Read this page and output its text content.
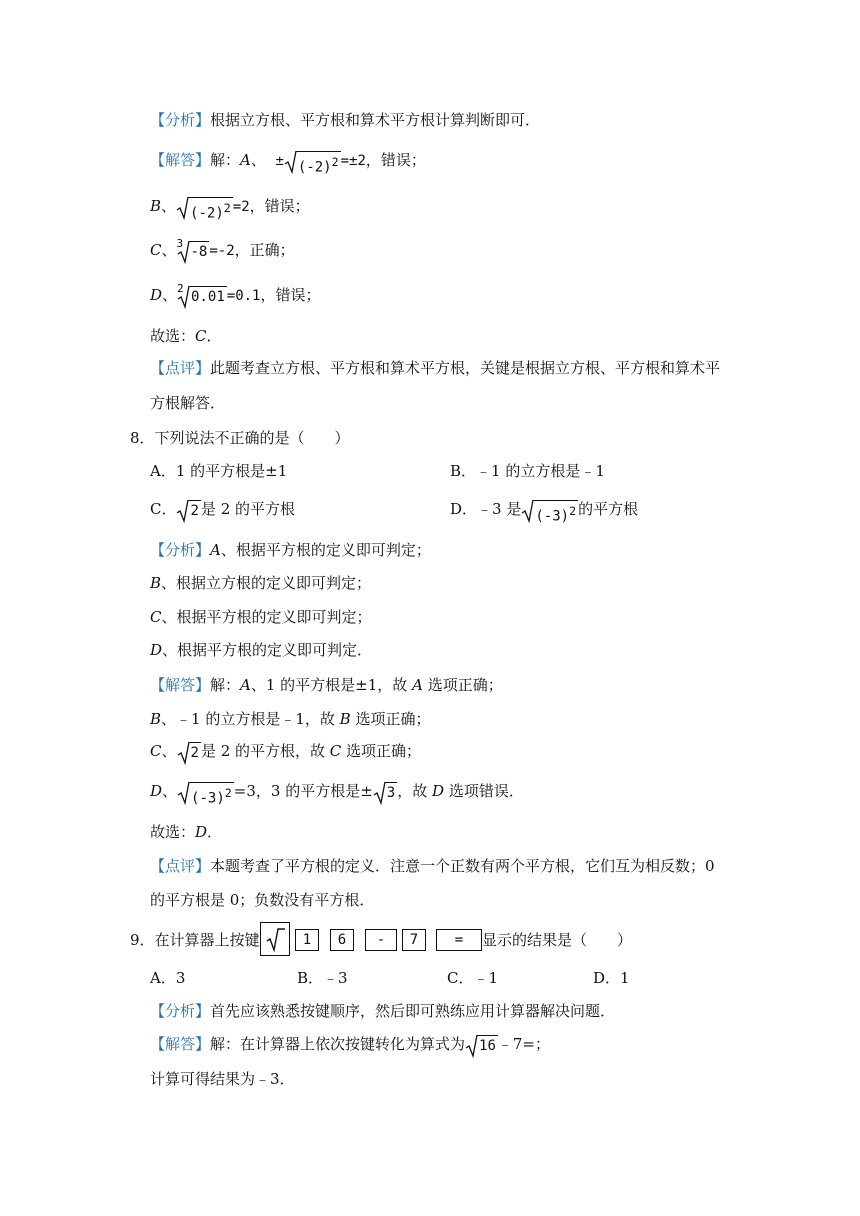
【分析】根据立方根、平方根和算术平方根计算判断即可．
【解答】解：A、 ± $(-2)^2 =\pm 2$，错误；
B、 $(-2)^2 =2$，错误；
C、 3
-8 =-2，正确；
D、 2
0.01 =0.1，错误；
故选：C．
【点评】此题考查立方根、平方根和算术平方根，关键是根据立方根、平方根和算术平
方根解答．
8．下列说法不正确的是（　　）
A．1 的平方根是±1	B．﹣1 的立方根是﹣1
C． 2 是 2 的平方根	D．﹣3 是 $(-3)^2$ 的平方根
【分析】A、根据平方根的定义即可判定；
B、根据立方根的定义即可判定；
C、根据平方根的定义即可判定；
D、根据平方根的定义即可判定．
【解答】解：A、1 的平方根是±1，故 A 选项正确；
B、﹣1 的立方根是﹣1，故 B 选项正确；
C、 2 是 2 的平方根，故 C 选项正确；
D、 $(-3)^2 =3$，3 的平方根是± 3 ，故 D 选项错误．
故选：D．
【点评】本题考查了平方根的定义．注意一个正数有两个平方根，它们互为相反数；0
的平方根是 0；负数没有平方根．
9．在计算器上按键	1	6	-	7	=	显示的结果是（　　）
A．3	B．﹣3	C．﹣1	D．1
【分析】首先应该熟悉按键顺序，然后即可熟练应用计算器解决问题．
【解答】解：在计算器上依次按键转化为算式为 16 ﹣7=；
计算可得结果为﹣3．
